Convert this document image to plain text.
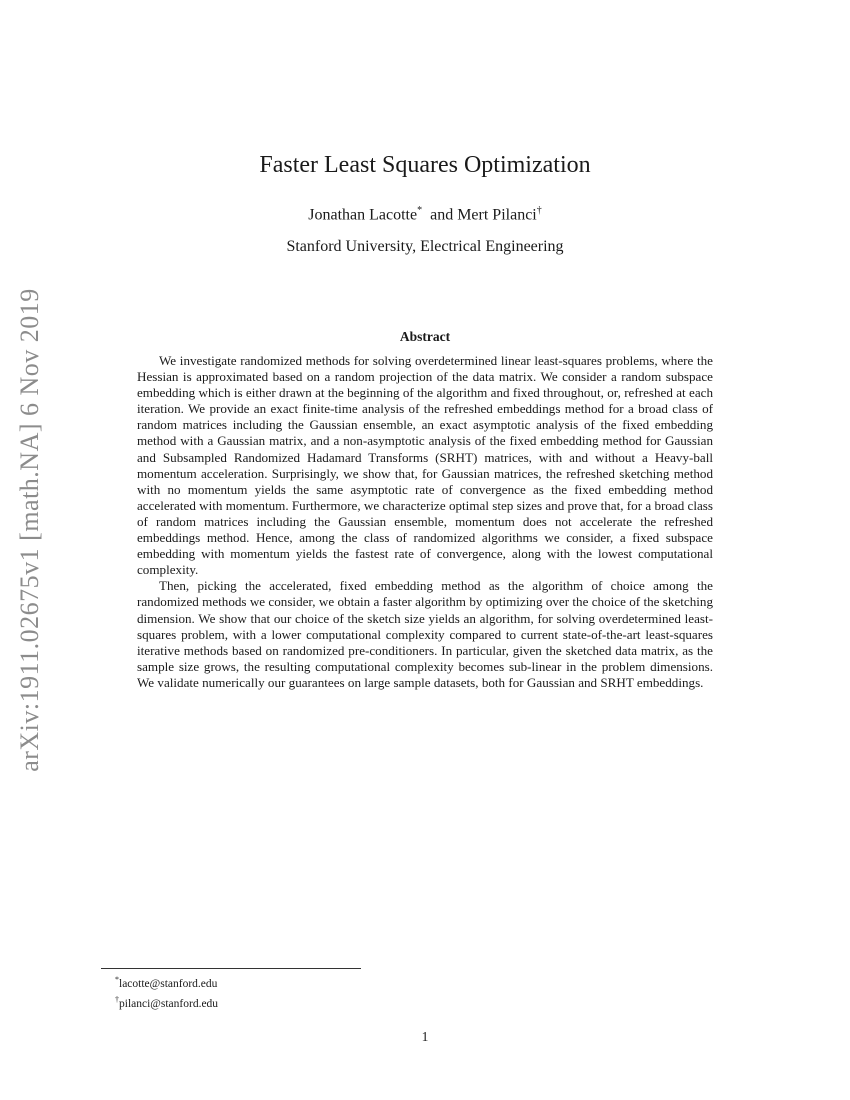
arXiv:1911.02675v1 [math.NA] 6 Nov 2019
Faster Least Squares Optimization
Jonathan Lacotte*  and Mert Pilanci†
Stanford University, Electrical Engineering
Abstract

We investigate randomized methods for solving overdetermined linear least-squares problems, where the Hessian is approximated based on a random projection of the data matrix. We consider a random subspace embedding which is either drawn at the beginning of the algorithm and fixed throughout, or, refreshed at each iteration. We provide an exact finite-time analysis of the refreshed embeddings method for a broad class of random matrices including the Gaussian ensemble, an exact asymptotic analysis of the fixed embedding method with a Gaussian matrix, and a non-asymptotic analysis of the fixed embedding method for Gaussian and Subsampled Randomized Hadamard Transforms (SRHT) matrices, with and without a Heavy-ball momentum acceleration. Surprisingly, we show that, for Gaussian matrices, the refreshed sketching method with no momentum yields the same asymptotic rate of convergence as the fixed embedding method accelerated with momentum. Furthermore, we characterize optimal step sizes and prove that, for a broad class of random matrices including the Gaussian ensemble, momentum does not accelerate the refreshed embeddings method. Hence, among the class of randomized algorithms we consider, a fixed subspace embedding with momentum yields the fastest rate of convergence, along with the lowest computational complexity.

Then, picking the accelerated, fixed embedding method as the algorithm of choice among the randomized methods we consider, we obtain a faster algorithm by optimizing over the choice of the sketching dimension. We show that our choice of the sketch size yields an algorithm, for solving overdetermined least-squares problem, with a lower computational complexity compared to current state-of-the-art least-squares iterative methods based on randomized pre-conditioners. In particular, given the sketched data matrix, as the sample size grows, the resulting computational complexity becomes sub-linear in the problem dimensions. We validate numerically our guarantees on large sample datasets, both for Gaussian and SRHT embeddings.

*lacotte@stanford.edu
†pilanci@stanford.edu
1
